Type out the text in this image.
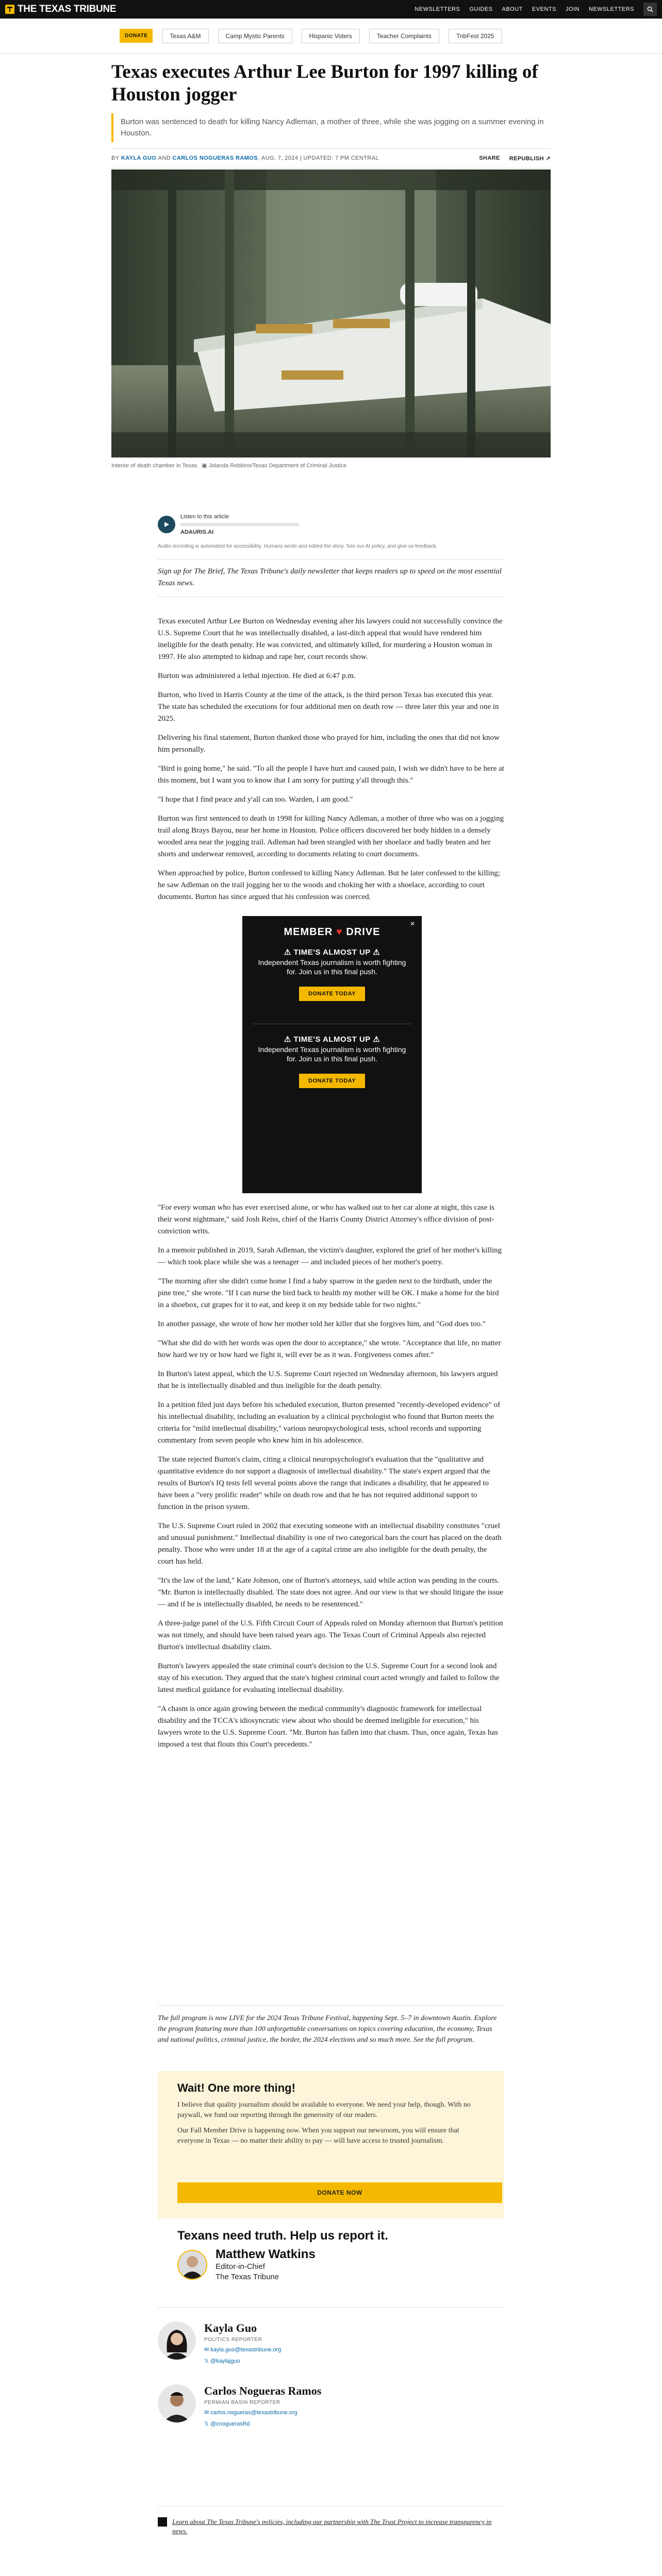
THE TEXAS TRIBUNE	NEWSLETTERS GUIDES ABOUT EVENTS JOIN NEWSLETTERS
DONATE	Texas A&M	Camp Mystic Parents	Hispanic Voters	Teacher Complaints	TribFest 2025
Texas executes Arthur Lee Burton for 1997 killing of Houston jogger
Burton was sentenced to death for killing Nancy Adleman, a mother of three, while she was jogging on a summer evening in Houston.
BY
KAYLA GUO
AND
CARLOS NOGUERAS RAMOS , AUG. 7, 2024 | UPDATED: 7 PM CENTRAL	SHARE REPUBLISH ↗
Interior of death chamber in Texas. ▣ Jolanda Robbins/Texas Department of Criminal Justice
Listen to this article
ADAURIS.AI
Audio recording is automated for accessibility. Humans wrote and edited the story. See our AI policy, and give us feedback.
Sign up for The Brief, The Texas Tribune's daily newsletter that keeps readers up to speed on the most essential Texas news.

Texas executed Arthur Lee Burton on Wednesday evening after his lawyers could not successfully convince the U.S. Supreme Court that he was intellectually disabled, a last-ditch appeal that would have rendered him ineligible for the death penalty. He was convicted, and ultimately killed, for murdering a Houston woman in 1997. He also attempted to kidnap and rape her, court records show.

Burton was administered a lethal injection. He died at 6:47 p.m.

Burton, who lived in Harris County at the time of the attack, is the third person Texas has executed this year. The state has scheduled the executions for four additional men on death row — three later this year and one in 2025.

Delivering his final statement, Burton thanked those who prayed for him, including the ones that did not know him personally.

"Bird is going home," he said. "To all the people I have hurt and caused pain, I wish we didn't have to be here at this moment, but I want you to know that I am sorry for putting y'all through this."

"I hope that I find peace and y'all can too. Warden, I am good."

Burton was first sentenced to death in 1998 for killing Nancy Adleman, a mother of three who was on a jogging trail along Brays Bayou, near her home in Houston. Police officers discovered her body hidden in a densely wooded area near the jogging trail. Adleman had been strangled with her shoelace and badly beaten and her shorts and underwear removed, according to documents relating to court documents.

When approached by police, Burton confessed to killing Nancy Adleman. But he later confessed to the killing; he saw Adleman on the trail jogging her to the woods and choking her with a shoelace, according to court documents. Burton has since argued that his confession was coerced.

×
MEMBER ♥ DRIVE
⚠ TIME'S ALMOST UP ⚠
Independent Texas journalism is worth fighting for. Join us in this final push.
DONATE TODAY
⚠ TIME'S ALMOST UP ⚠
Independent Texas journalism is worth fighting for. Join us in this final push.
DONATE TODAY

"For every woman who has ever exercised alone, or who has walked out to her car alone at night, this case is their worst nightmare," said Josh Reiss, chief of the Harris County District Attorney's office division of post-conviction writs.

In a memoir published in 2019, Sarah Adleman, the victim's daughter, explored the grief of her mother's killing — which took place while she was a teenager — and included pieces of her mother's poetry.

"The morning after she didn't come home I find a baby sparrow in the garden next to the birdbath, under the pine tree," she wrote. "If I can nurse the bird back to health my mother will be OK. I make a home for the bird in a shoebox, cut grapes for it to eat, and keep it on my bedside table for two nights."

In another passage, she wrote of how her mother told her killer that she forgives him, and "God does too."

"What she did do with her words was open the door to acceptance," she wrote. "Acceptance that life, no matter how hard we try or how hard we fight it, will ever be as it was. Forgiveness comes after."

In Burton's latest appeal, which the U.S. Supreme Court rejected on Wednesday afternoon, his lawyers argued that he is intellectually disabled and thus ineligible for the death penalty.

In a petition filed just days before his scheduled execution, Burton presented "recently-developed evidence" of his intellectual disability, including an evaluation by a clinical psychologist who found that Burton meets the criteria for "mild intellectual disability," various neuropsychological tests, school records and supporting commentary from seven people who knew him in his adolescence.

The state rejected Burton's claim, citing a clinical neuropsychologist's evaluation that the "qualitative and quantitative evidence do not support a diagnosis of intellectual disability." The state's expert argued that the results of Burton's IQ tests fell several points above the range that indicates a disability, that he appeared to have been a "very prolific reader" while on death row and that he has not required additional support to function in the prison system.

The U.S. Supreme Court ruled in 2002 that executing someone with an intellectual disability constitutes "cruel and unusual punishment." Intellectual disability is one of two categorical bars the court has placed on the death penalty. Those who were under 18 at the age of a capital crime are also ineligible for the death penalty, the court has held.

"It's the law of the land," Kate Johnson, one of Burton's attorneys, said while action was pending in the courts. "Mr. Burton is intellectually disabled. The state does not agree. And our view is that we should litigate the issue — and if he is intellectually disabled, he needs to be resentenced."

A three-judge panel of the U.S. Fifth Circuit Court of Appeals ruled on Monday afternoon that Burton's petition was not timely, and should have been raised years ago. The Texas Court of Criminal Appeals also rejected Burton's intellectual disability claim.

Burton's lawyers appealed the state criminal court's decision to the U.S. Supreme Court for a second look and stay of his execution. They argued that the state's highest criminal court acted wrongly and failed to follow the latest medical guidance for evaluating intellectual disability.

"A chasm is once again growing between the medical community's diagnostic framework for intellectual disability and the TCCA's idiosyncratic view about who should be deemed ineligible for execution," his lawyers wrote to the U.S. Supreme Court. "Mr. Burton has fallen into that chasm. Thus, once again, Texas has imposed a test that flouts this Court's precedents."

The full program is now LIVE for the 2024 Texas Tribune Festival, happening Sept. 5–7 in downtown Austin. Explore the program featuring more than 100 unforgettable conversations on topics covering education, the economy, Texas and national politics, criminal justice, the border, the 2024 elections and so much more. See the full program.
Wait! One more thing!

I believe that quality journalism should be available to everyone. We need your help, though. With no paywall, we fund our reporting through the generosity of our readers.

Our Fall Member Drive is happening now. When you support our newsroom, you will ensure that everyone in Texas — no matter their ability to pay — will have access to trusted journalism.

DONATE NOW
Texans need truth. Help us report it.
Matthew Watkins
Editor-in-Chief
The Texas Tribune
Kayla Guo
POLITICS REPORTER
✉ kayla.guo@texastribune.org
𝕏 @kaylajguo
Carlos Nogueras Ramos
PERMIAN BASIN REPORTER
✉ carlos.nogueras@texastribune.org
𝕏 @cnoguerasRd
Learn about The Texas Tribune's policies, including our partnership with The Trust Project to increase transparency in news.
